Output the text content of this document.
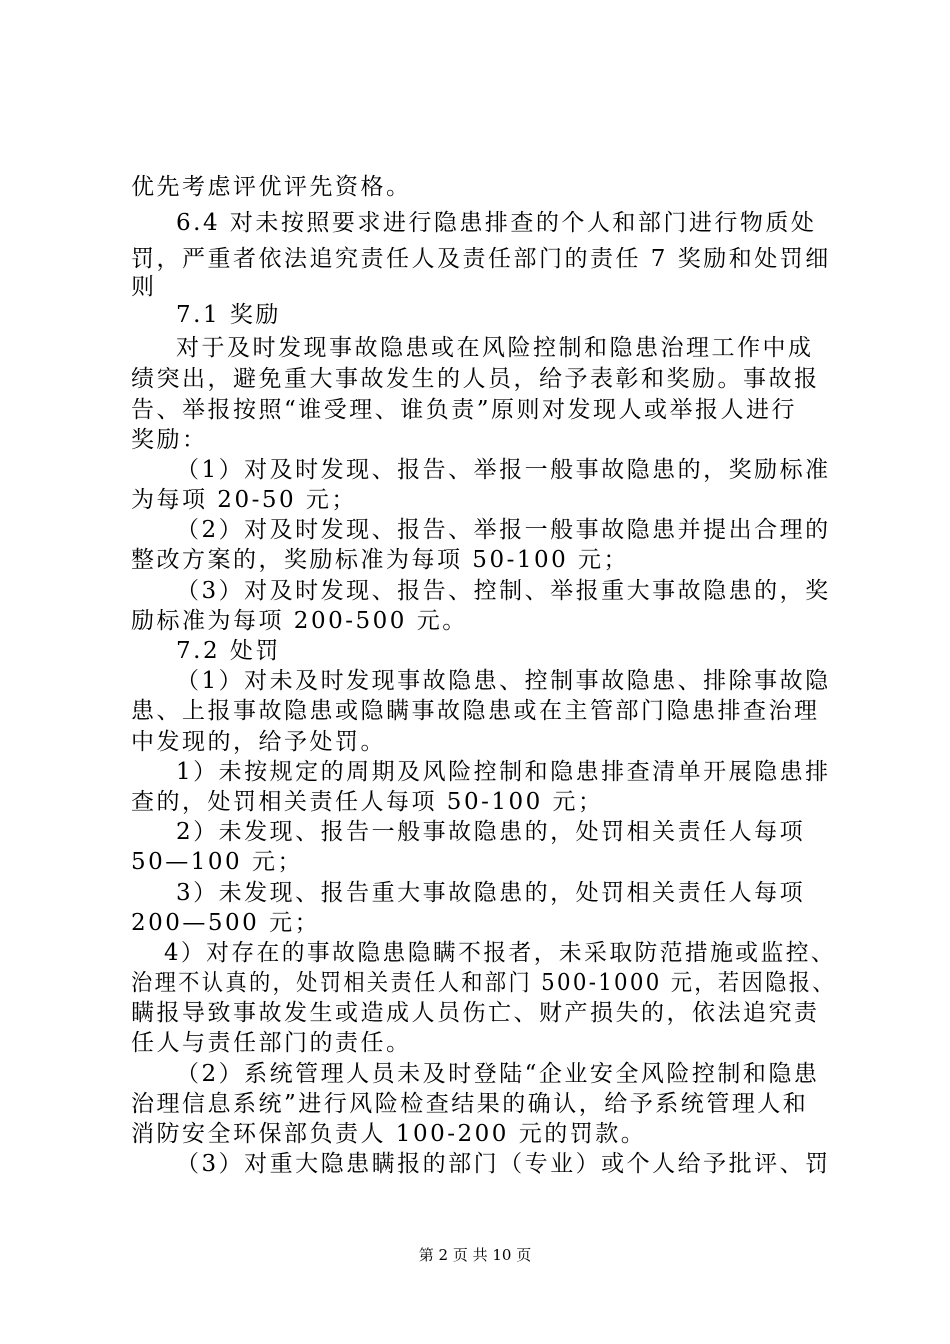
优先考虑评优评先资格。
6.4 对未按照要求进行隐患排查的个人和部门进行物质处
罚，严重者依法追究责任人及责任部门的责任 7 奖励和处罚细
则
7.1 奖励
对于及时发现事故隐患或在风险控制和隐患治理工作中成
绩突出，避免重大事故发生的人员，给予表彰和奖励。事故报
告、举报按照“谁受理、谁负责”原则对发现人或举报人进行
奖励：
（1）对及时发现、报告、举报一般事故隐患的，奖励标准
为每项 20-50 元；
（2）对及时发现、报告、举报一般事故隐患并提出合理的
整改方案的，奖励标准为每项 50-100 元；
（3）对及时发现、报告、控制、举报重大事故隐患的，奖
励标准为每项 200-500 元。
7.2 处罚
（1）对未及时发现事故隐患、控制事故隐患、排除事故隐
患、上报事故隐患或隐瞒事故隐患或在主管部门隐患排查治理
中发现的，给予处罚。
1）未按规定的周期及风险控制和隐患排查清单开展隐患排
查的，处罚相关责任人每项 50-100 元；
2）未发现、报告一般事故隐患的，处罚相关责任人每项
50—100 元；
3）未发现、报告重大事故隐患的，处罚相关责任人每项
200—500 元；
4）对存在的事故隐患隐瞒不报者，未采取防范措施或监控、
治理不认真的，处罚相关责任人和部门 500-1000 元，若因隐报、
瞒报导致事故发生或造成人员伤亡、财产损失的，依法追究责
任人与责任部门的责任。
（2）系统管理人员未及时登陆“企业安全风险控制和隐患
治理信息系统”进行风险检查结果的确认，给予系统管理人和
消防安全环保部负责人 100-200 元的罚款。
（3）对重大隐患瞒报的部门（专业）或个人给予批评、罚
第 2 页 共 10 页
